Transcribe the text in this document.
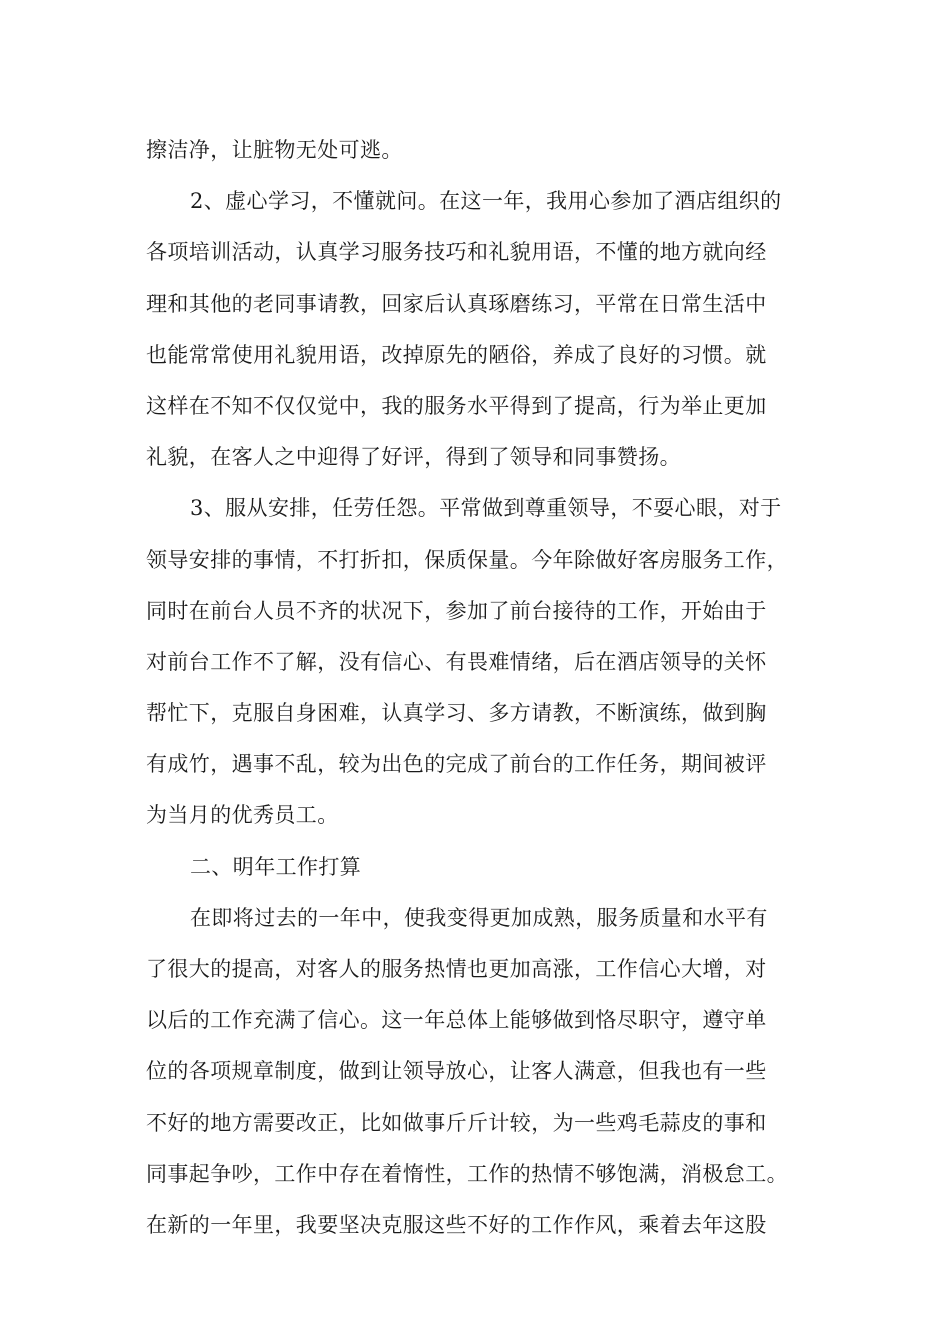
擦洁净，让脏物无处可逃。
2、虚心学习，不懂就问。在这一年，我用心参加了酒店组织的
各项培训活动，认真学习服务技巧和礼貌用语，不懂的地方就向经
理和其他的老同事请教，回家后认真琢磨练习，平常在日常生活中
也能常常使用礼貌用语，改掉原先的陋俗，养成了良好的习惯。就
这样在不知不仅仅觉中，我的服务水平得到了提高，行为举止更加
礼貌，在客人之中迎得了好评，得到了领导和同事赞扬。
3、服从安排，任劳任怨。平常做到尊重领导，不耍心眼，对于
领导安排的事情，不打折扣，保质保量。今年除做好客房服务工作，
同时在前台人员不齐的状况下，参加了前台接待的工作，开始由于
对前台工作不了解，没有信心、有畏难情绪，后在酒店领导的关怀
帮忙下，克服自身困难，认真学习、多方请教，不断演练，做到胸
有成竹，遇事不乱，较为出色的完成了前台的工作任务，期间被评
为当月的优秀员工。
二、明年工作打算
在即将过去的一年中，使我变得更加成熟，服务质量和水平有
了很大的提高，对客人的服务热情也更加高涨，工作信心大增，对
以后的工作充满了信心。这一年总体上能够做到恪尽职守，遵守单
位的各项规章制度，做到让领导放心，让客人满意，但我也有一些
不好的地方需要改正，比如做事斤斤计较，为一些鸡毛蒜皮的事和
同事起争吵，工作中存在着惰性，工作的热情不够饱满，消极怠工。
在新的一年里，我要坚决克服这些不好的工作作风，乘着去年这股
